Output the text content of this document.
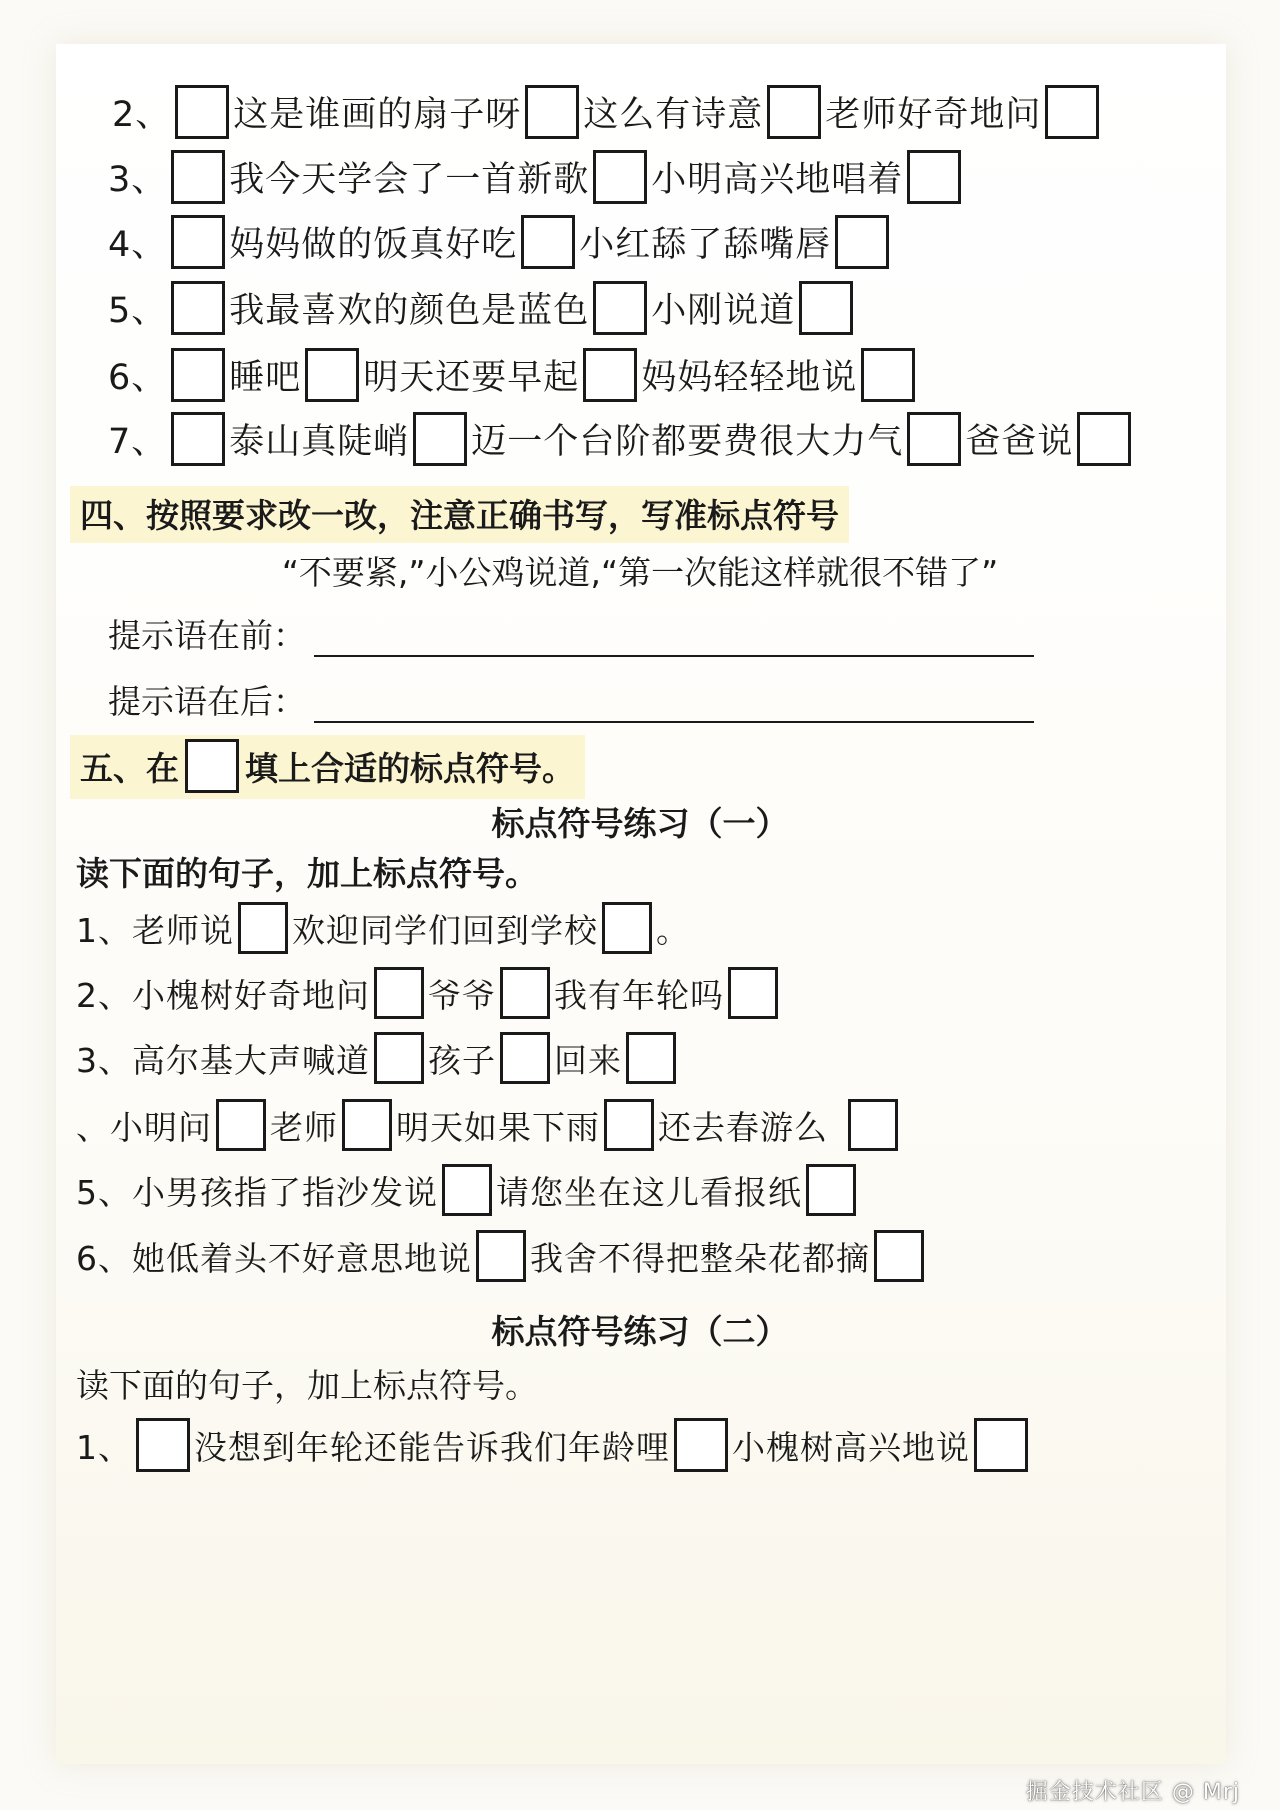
2、 这是谁画的扇子呀 这么有诗意 老师好奇地问
3、 我今天学会了一首新歌 小明高兴地唱着
4、 妈妈做的饭真好吃 小红舔了舔嘴唇
5、 我最喜欢的颜色是蓝色 小刚说道
6、 睡吧 明天还要早起 妈妈轻轻地说
7、 泰山真陡峭 迈一个台阶都要费很大力气 爸爸说
四、按照要求改一改，注意正确书写，写准标点符号
“不要紧,”小公鸡说道,“第一次能这样就很不错了”
提示语在前：
提示语在后：
五、在 填上合适的标点符号。
标点符号练习（一）
读下面的句子，加上标点符号。
1、 老师说 欢迎同学们回到学校 。
2、 小槐树好奇地问 爷爷 我有年轮吗
3、 高尔基大声喊道 孩子 回来
、 小明问 老师 明天如果下雨 还去春游么
5、 小男孩指了指沙发说 请您坐在这儿看报纸
6、 她低着头不好意思地说 我舍不得把整朵花都摘
标点符号练习（二）
读下面的句子，加上标点符号。
1、 没想到年轮还能告诉我们年龄哩 小槐树高兴地说
掘金技术社区 @ Mrj
